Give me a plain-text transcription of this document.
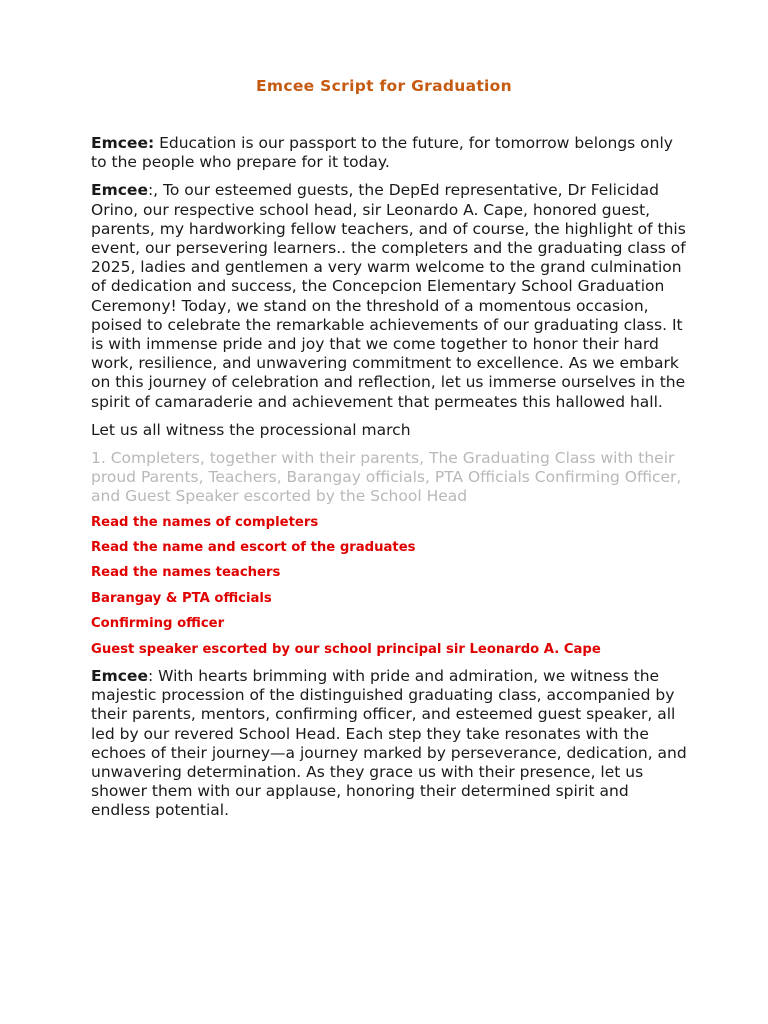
Emcee Script for Graduation

Emcee: Education is our passport to the future, for tomorrow belongs only to the people who prepare for it today.

Emcee:, To our esteemed guests, the DepEd representative, Dr Felicidad Orino, our respective school head, sir Leonardo A. Cape, honored guest, parents, my hardworking fellow teachers, and of course, the highlight of this event, our persevering learners.. the completers and the graduating class of 2025, ladies and gentlemen a very warm welcome to the grand culmination of dedication and success, the Concepcion Elementary School Graduation Ceremony! Today, we stand on the threshold of a momentous occasion, poised to celebrate the remarkable achievements of our graduating class. It is with immense pride and joy that we come together to honor their hard work, resilience, and unwavering commitment to excellence. As we embark on this journey of celebration and reflection, let us immerse ourselves in the spirit of camaraderie and achievement that permeates this hallowed hall.

Let us all witness the processional march

1. Completers, together with their parents, The Graduating Class with their proud Parents, Teachers, Barangay officials, PTA Officials Confirming Officer, and Guest Speaker escorted by the School Head

Read the names of completers
Read the name and escort of the graduates
Read the names teachers
Barangay & PTA officials
Confirming officer
Guest speaker escorted by our school principal sir Leonardo A. Cape

Emcee: With hearts brimming with pride and admiration, we witness the majestic procession of the distinguished graduating class, accompanied by their parents, mentors, confirming officer, and esteemed guest speaker, all led by our revered School Head. Each step they take resonates with the echoes of their journey—a journey marked by perseverance, dedication, and unwavering determination. As they grace us with their presence, let us shower them with our applause, honoring their determined spirit and endless potential.
